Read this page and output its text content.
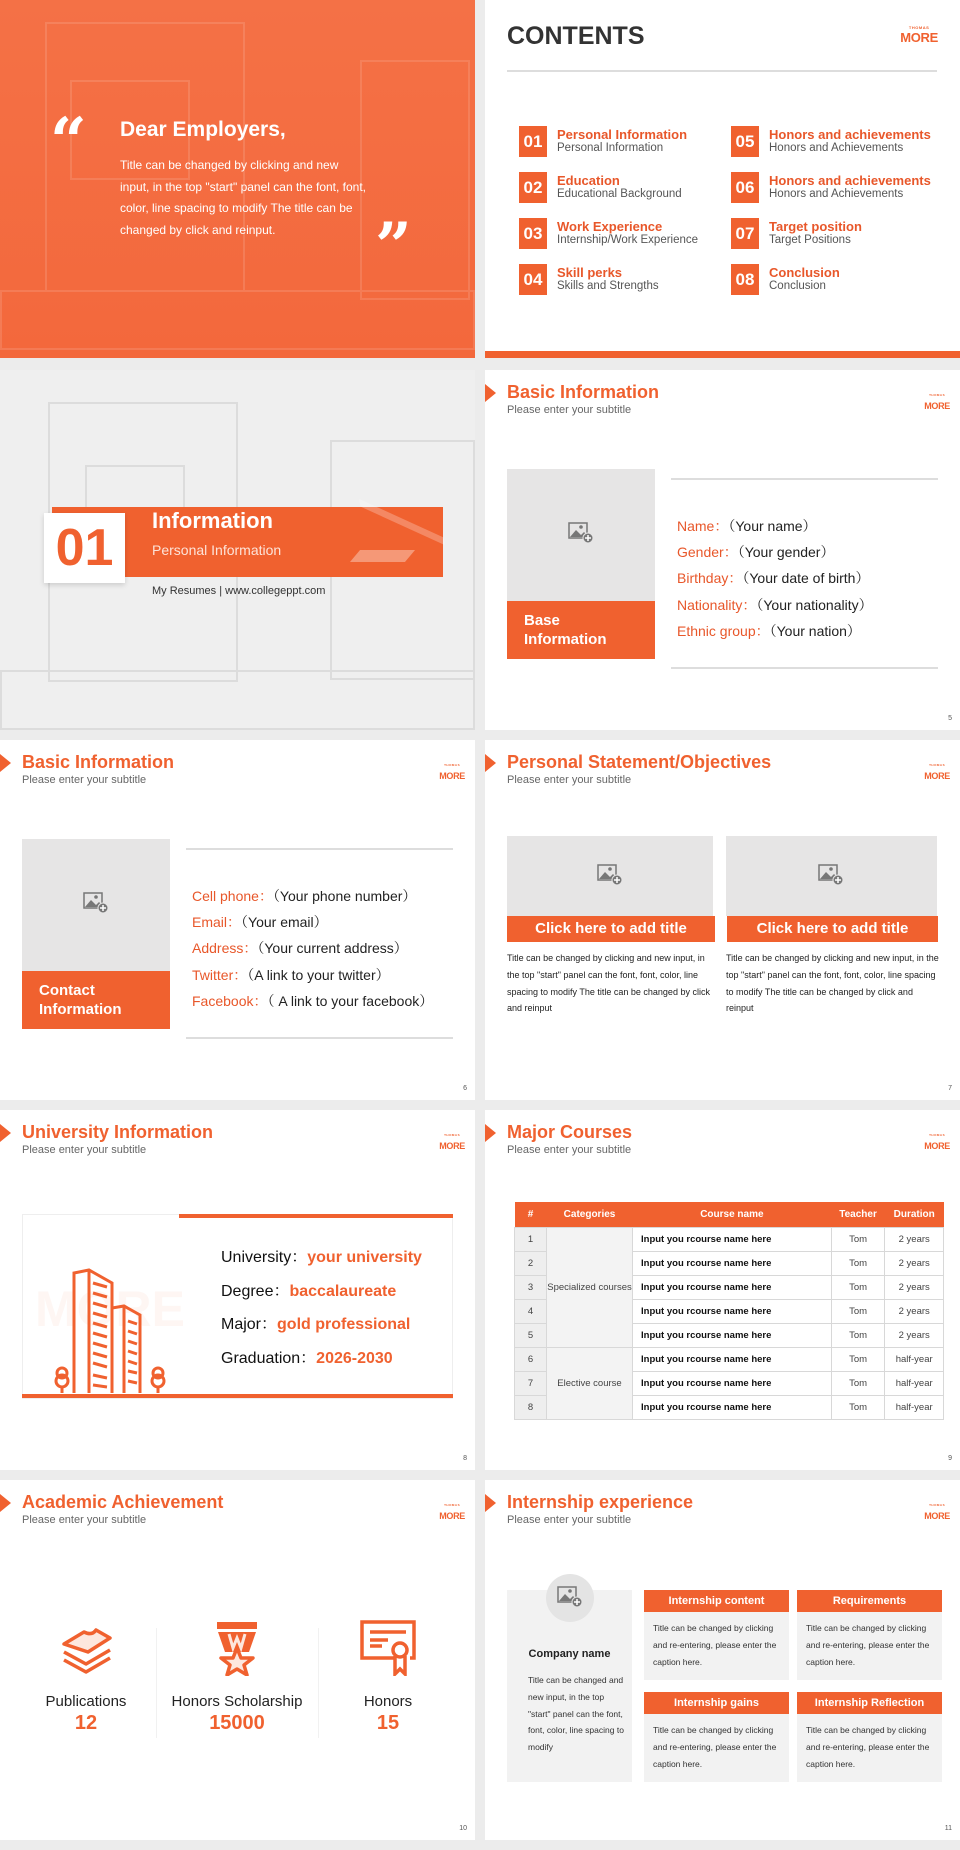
“ Dear Employers,
Title can be changed by clicking and new input, in the top "start" panel can the font, font, color, line spacing to modify The title can be changed by click and reinput.	”
CONTENTS	THOMAS
MORE
01	Personal Information
Personal Information
02	Education
Educational Background
03	Work Experience
Internship/Work Experience
04	Skill perks
Skills and Strengths
05	Honors and achievements
Honors and Achievements
06	Honors and achievements
Honors and Achievements
07	Target position
Target Positions
08	Conclusion
Conclusion
01	Information
Personal Information
My Resumes | www.collegeppt.com
Basic Information
Please enter your subtitle
THOMAS
MORE
Base Information
Name：（Your name）
Gender：（Your gender）
Birthday：（Your date of birth）
Nationality：（Your nationality）
Ethnic group：（Your nation）
5
Basic Information
Please enter your subtitle
THOMAS
MORE
Contact Information
Cell phone：（Your phone number）
Email：（Your email）
Address：（Your current address）
Twitter：（A link to your twitter）
Facebook：（ A link to your facebook）
6
Personal Statement/Objectives
Please enter your subtitle
THOMAS
MORE
Click here to add title
Title can be changed by clicking and new input, in the top "start" panel can the font, font, color, line spacing to modify The title can be changed by click and reinput
Click here to add title
Title can be changed by clicking and new input, in the top "start" panel can the font, font, color, line spacing to modify The title can be changed by click and reinput
7
University Information
Please enter your subtitle
THOMAS
MORE
MORE
University：your university
Degree：baccalaureate
Major：gold professional
Graduation：2026-2030
8
Major Courses
Please enter your subtitle
THOMAS
MORE
#	Categories	Course name	Teacher	Duration
1	Specialized courses	Input you rcourse name here	Tom	2 years
2		Input you rcourse name here	Tom	2 years
3		Input you rcourse name here	Tom	2 years
4		Input you rcourse name here	Tom	2 years
5		Input you rcourse name here	Tom	2 years
6	Elective course	Input you rcourse name here	Tom	half-year
7		Input you rcourse name here	Tom	half-year
8		Input you rcourse name here	Tom	half-year
9
Academic Achievement
Please enter your subtitle
THOMAS
MORE
Publications
12
Honors Scholarship
15000
Honors
15
10
Internship experience
Please enter your subtitle
THOMAS
MORE
Company name
Title can be changed and new input, in the top "start" panel can the font, font, color, line spacing to modify
Internship content
Title can be changed by clicking and re-entering, please enter the caption here.
Requirements
Title can be changed by clicking and re-entering, please enter the caption here.
Internship gains
Title can be changed by clicking and re-entering, please enter the caption here.
Internship Reflection
Title can be changed by clicking and re-entering, please enter the caption here.
11
